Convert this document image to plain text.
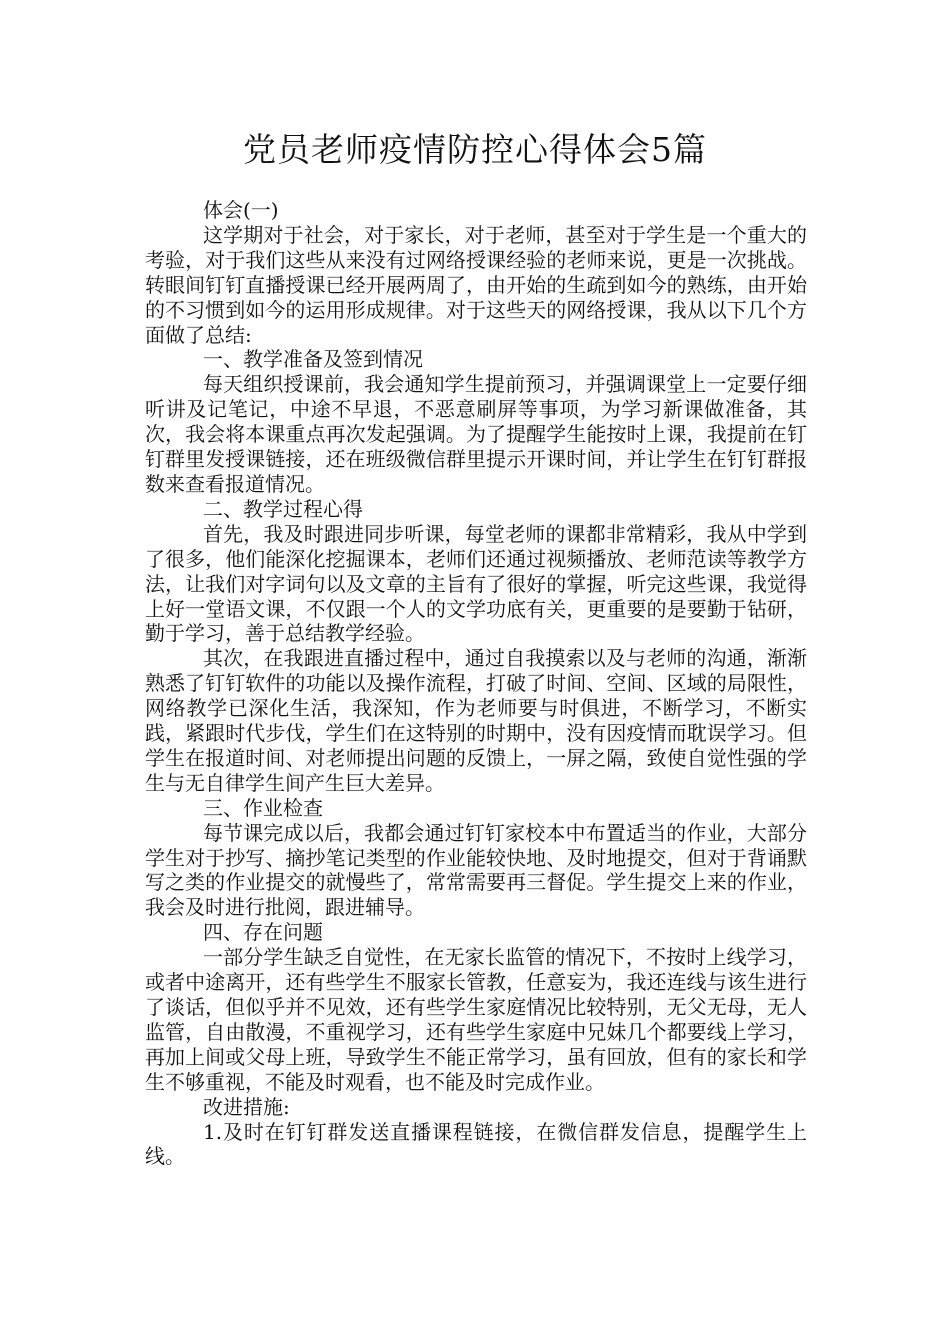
党员老师疫情防控心得体会5篇

体会(一)

这学期对于社会，对于家长，对于老师，甚至对于学生是一个重大的考验，对于我们这些从来没有过网络授课经验的老师来说，更是一次挑战。转眼间钉钉直播授课已经开展两周了，由开始的生疏到如今的熟练，由开始的不习惯到如今的运用形成规律。对于这些天的网络授课，我从以下几个方面做了总结:

一、教学准备及签到情况

每天组织授课前，我会通知学生提前预习，并强调课堂上一定要仔细听讲及记笔记，中途不早退，不恶意刷屏等事项，为学习新课做准备，其次，我会将本课重点再次发起强调。为了提醒学生能按时上课，我提前在钉钉群里发授课链接，还在班级微信群里提示开课时间，并让学生在钉钉群报数来查看报道情况。

二、教学过程心得

首先，我及时跟进同步听课，每堂老师的课都非常精彩，我从中学到了很多，他们能深化挖掘课本，老师们还通过视频播放、老师范读等教学方法，让我们对字词句以及文章的主旨有了很好的掌握，听完这些课，我觉得上好一堂语文课，不仅跟一个人的文学功底有关，更重要的是要勤于钻研，勤于学习，善于总结教学经验。

其次，在我跟进直播过程中，通过自我摸索以及与老师的沟通，渐渐熟悉了钉钉软件的功能以及操作流程，打破了时间、空间、区域的局限性，网络教学已深化生活，我深知，作为老师要与时俱进，不断学习，不断实践，紧跟时代步伐，学生们在这特别的时期中，没有因疫情而耽误学习。但学生在报道时间、对老师提出问题的反馈上，一屏之隔，致使自觉性强的学生与无自律学生间产生巨大差异。

三、作业检查

每节课完成以后，我都会通过钉钉家校本中布置适当的作业，大部分学生对于抄写、摘抄笔记类型的作业能较快地、及时地提交，但对于背诵默写之类的作业提交的就慢些了，常常需要再三督促。学生提交上来的作业，我会及时进行批阅，跟进辅导。

四、存在问题

一部分学生缺乏自觉性，在无家长监管的情况下，不按时上线学习，或者中途离开，还有些学生不服家长管教，任意妄为，我还连线与该生进行了谈话，但似乎并不见效，还有些学生家庭情况比较特别，无父无母，无人监管，自由散漫，不重视学习，还有些学生家庭中兄妹几个都要线上学习，再加上间或父母上班，导致学生不能正常学习，虽有回放，但有的家长和学生不够重视，不能及时观看，也不能及时完成作业。

改进措施:

1.及时在钉钉群发送直播课程链接，在微信群发信息，提醒学生上线。
